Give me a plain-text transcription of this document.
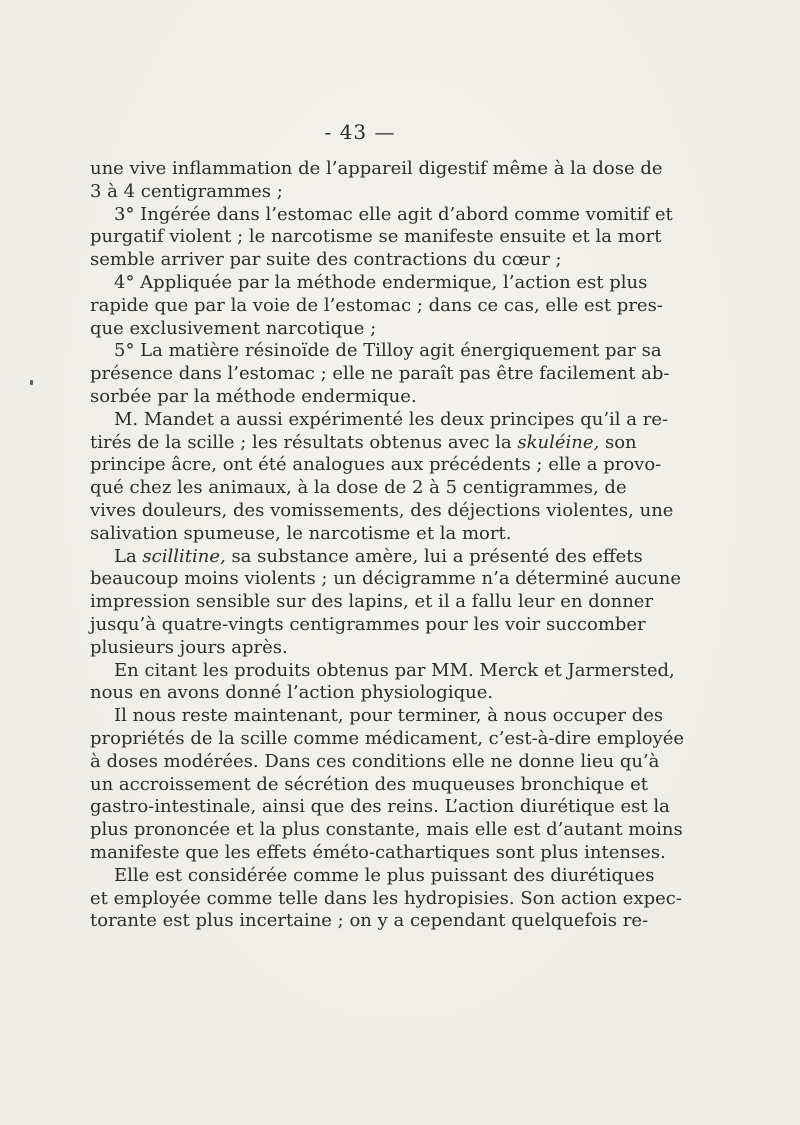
- 43 —
une vive inflammation de l’appareil digestif même à la dose de
3 à 4 centigrammes ;
3° Ingérée dans l’estomac elle agit d’abord comme vomitif et
purgatif violent ; le narcotisme se manifeste ensuite et la mort
semble arriver par suite des contractions du cœur ;
4° Appliquée par la méthode endermique, l’action est plus
rapide que par la voie de l’estomac ; dans ce cas, elle est pres-
que exclusivement narcotique ;
5° La matière résinoïde de Tilloy agit énergiquement par sa
présence dans l’estomac ; elle ne paraît pas être facilement ab-
sorbée par la méthode endermique.
M. Mandet a aussi expérimenté les deux principes qu’il a re-
tirés de la scille ; les résultats obtenus avec la skuléine, son
principe âcre, ont été analogues aux précédents ; elle a provo-
qué chez les animaux, à la dose de 2 à 5 centigrammes, de
vives douleurs, des vomissements, des déjections violentes, une
salivation spumeuse, le narcotisme et la mort.
La scillitine, sa substance amère, lui a présenté des effets
beaucoup moins violents ; un décigramme n’a déterminé aucune
impression sensible sur des lapins, et il a fallu leur en donner
jusqu’à quatre-vingts centigrammes pour les voir succomber
plusieurs jours après.
En citant les produits obtenus par MM. Merck et Jarmersted,
nous en avons donné l’action physiologique.
Il nous reste maintenant, pour terminer, à nous occuper des
propriétés de la scille comme médicament, c’est-à-dire employée
à doses modérées. Dans ces conditions elle ne donne lieu qu’à
un accroissement de sécrétion des muqueuses bronchique et
gastro-intestinale, ainsi que des reins. L’action diurétique est la
plus prononcée et la plus constante, mais elle est d’autant moins
manifeste que les effets éméto-cathartiques sont plus intenses.
Elle est considérée comme le plus puissant des diurétiques
et employée comme telle dans les hydropisies. Son action expec-
torante est plus incertaine ; on y a cependant quelquefois re-
